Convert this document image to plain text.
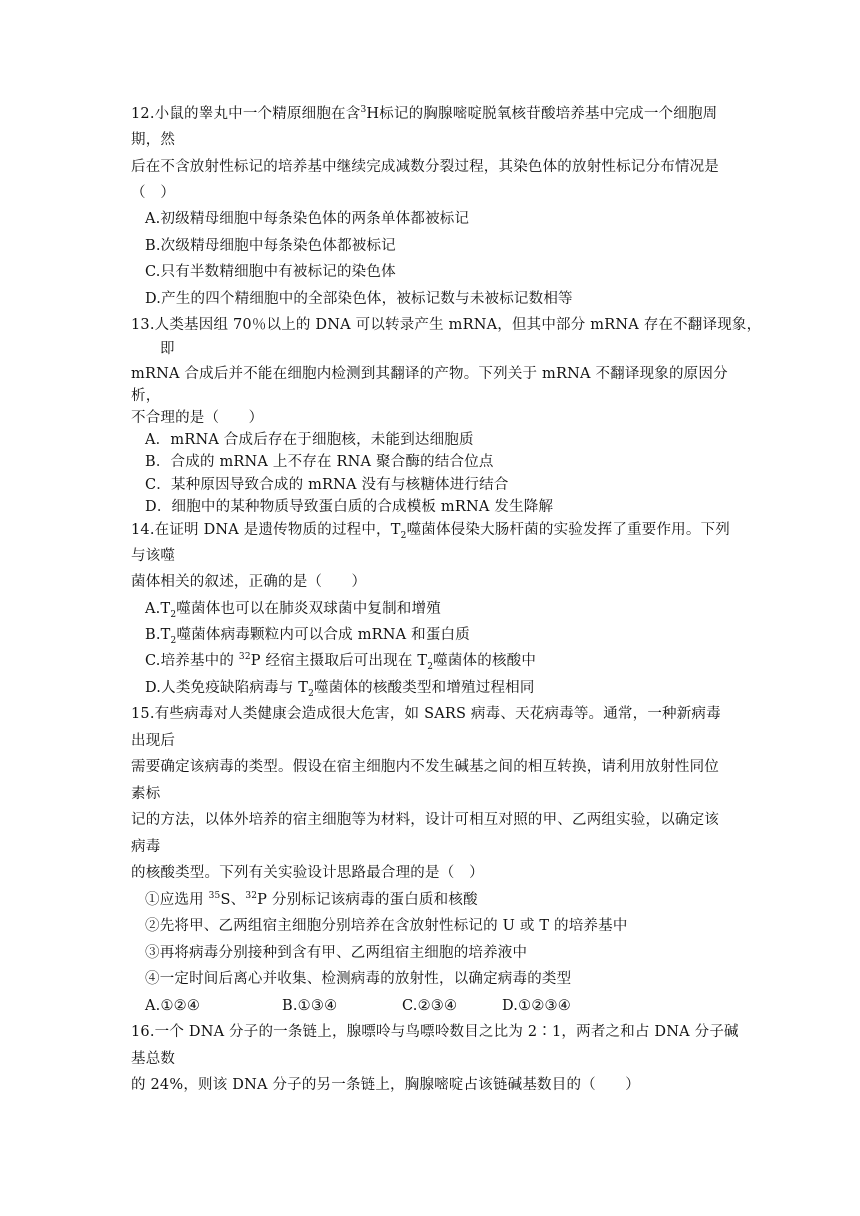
12.小鼠的睾丸中一个精原细胞在含$^3$H标记的胸腺嘧啶脱氧核苷酸培养基中完成一个细胞周
期，然
后在不含放射性标记的培养基中继续完成减数分裂过程，其染色体的放射性标记分布情况是
（　）
A.初级精母细胞中每条染色体的两条单体都被标记
B.次级精母细胞中每条染色体都被标记
C.只有半数精细胞中有被标记的染色体
D.产生的四个精细胞中的全部染色体，被标记数与未被标记数相等
13.人类基因组 70％以上的 DNA 可以转录产生 mRNA，但其中部分 mRNA 存在不翻译现象，
即
mRNA 合成后并不能在细胞内检测到其翻译的产物。下列关于 mRNA 不翻译现象的原因分
析，
不合理的是（　　）
A．mRNA 合成后存在于细胞核，未能到达细胞质
B．合成的 mRNA 上不存在 RNA 聚合酶的结合位点
C．某种原因导致合成的 mRNA 没有与核糖体进行结合
D．细胞中的某种物质导致蛋白质的合成模板 mRNA 发生降解
14.在证明 DNA 是遗传物质的过程中，$T_2$噬菌体侵染大肠杆菌的实验发挥了重要作用。下列
与该噬
菌体相关的叙述，正确的是（　　）
$A.T_2$噬菌体也可以在肺炎双球菌中复制和增殖
$B.T_2$噬菌体病毒颗粒内可以合成 mRNA 和蛋白质
C.培养基中的 $^{32}$P 经宿主摄取后可出现在 $T_2$噬菌体的核酸中
D.人类免疫缺陷病毒与 $T_2$噬菌体的核酸类型和增殖过程相同
15.有些病毒对人类健康会造成很大危害，如 SARS 病毒、天花病毒等。通常，一种新病毒
出现后
需要确定该病毒的类型。假设在宿主细胞内不发生碱基之间的相互转换，请利用放射性同位
素标
记的方法，以体外培养的宿主细胞等为材料，设计可相互对照的甲、乙两组实验，以确定该
病毒
的核酸类型。下列有关实验设计思路最合理的是（　）
①应选用 $^{35}$S、$^{32}$P 分别标记该病毒的蛋白质和核酸
②先将甲、乙两组宿主细胞分别培养在含放射性标记的 U 或 T 的培养基中
③再将病毒分别接种到含有甲、乙两组宿主细胞的培养液中
④一定时间后离心并收集、检测病毒的放射性，以确定病毒的类型
A.①②④	B.①③④	C.②③④	D.①②③④
16.一个 DNA 分子的一条链上，腺嘌呤与鸟嘌呤数目之比为 2∶1，两者之和占 DNA 分子碱
基总数
的 24%，则该 DNA 分子的另一条链上，胸腺嘧啶占该链碱基数目的（　　）
